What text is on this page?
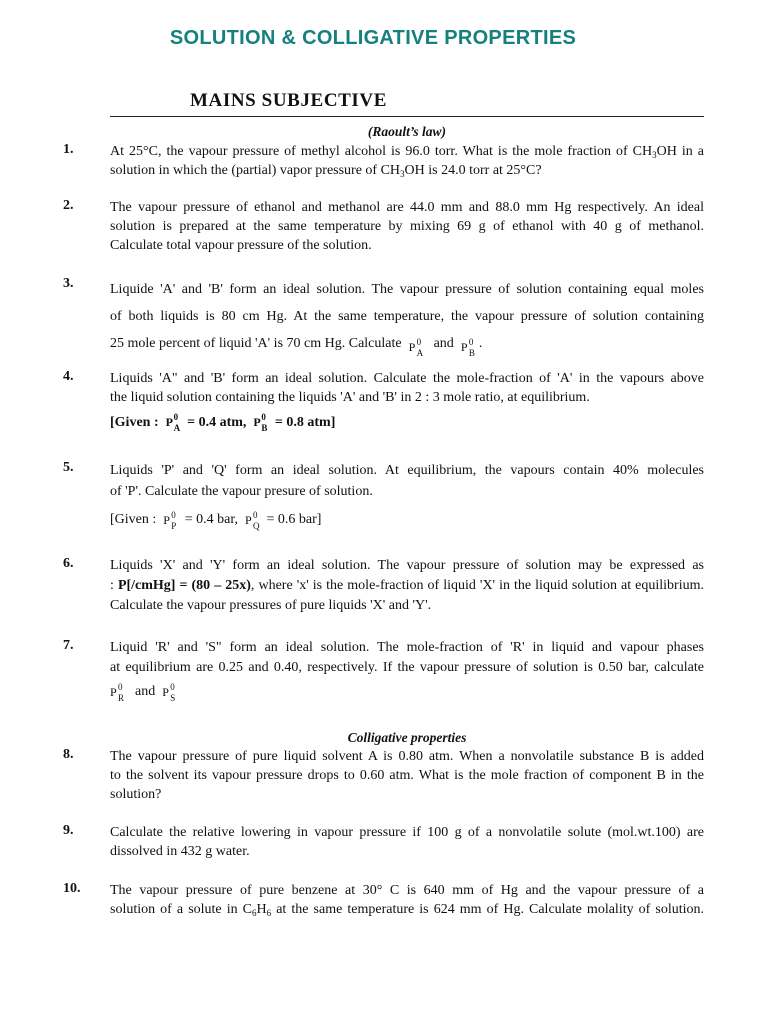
SOLUTION & COLLIGATIVE PROPERTIES
MAINS SUBJECTIVE
(Raoult’s law)
1.	At 25°C, the vapour pressure of methyl alcohol is 96.0 torr. What is the mole fraction of $CH_3OH$ in a
solution in which the (partial) vapor pressure of $CH_3OH$ is 24.0 torr at 25°C?
2.	The vapour pressure of ethanol and methanol are 44.0 mm and 88.0 mm Hg respectively. An ideal
solution is prepared at the same temperature by mixing 69 g of ethanol with 40 g of methanol.
Calculate total vapour pressure of the solution.
3.	Liquide 'A' and 'B' form an ideal solution. The vapour pressure of solution containing equal moles
of both liquids is 80 cm Hg. At the same temperature, the vapour pressure of solution containing
25 mole percent of liquid 'A' is 70 cm Hg. Calculate P 0
A
and P 0
B
.
4.	Liquids 'A" and 'B' form an ideal solution. Calculate the mole-fraction of 'A' in the vapours above
the liquid solution containing the liquids 'A' and 'B' in 2 : 3 mole ratio, at equilibrium.
[Given : P 0
A = 0.4 atm, P 0
B = 0.8 atm]
5.	Liquids 'P' and 'Q' form an ideal solution. At equilibrium, the vapours contain 40% molecules
of 'P'. Calculate the vapour presure of solution.
[Given : P 0
P = 0.4 bar, P 0
Q = 0.6 bar]
6.	Liquids 'X' and 'Y' form an ideal solution. The vapour pressure of solution may be expressed as
: P[/cmHg] = (80 – 25x), where 'x' is the mole-fraction of liquid 'X' in the liquid solution at equilibrium.
Calculate the vapour pressures of pure liquids 'X' and 'Y'.
7.	Liquid 'R' and 'S" form an ideal solution. The mole-fraction of 'R' in liquid and vapour phases
at equilibrium are 0.25 and 0.40, respectively. If the vapour pressure of solution is 0.50 bar, calculate
P 0
R and P 0
S
Colligative properties
8.	The vapour pressure of pure liquid solvent A is 0.80 atm. When a nonvolatile substance B is added
to the solvent its vapour pressure drops to 0.60 atm. What is the mole fraction of component B in the
solution?
9.	Calculate the relative lowering in vapour pressure if 100 g of a nonvolatile solute (mol.wt.100) are
dissolved in 432 g water.
10. The vapour pressure of pure benzene at 30° C is 640 mm of Hg and the vapour pressure of a
solution of a solute in $C_6H_6$ at the same temperature is 624 mm of Hg. Calculate molality of solution.
